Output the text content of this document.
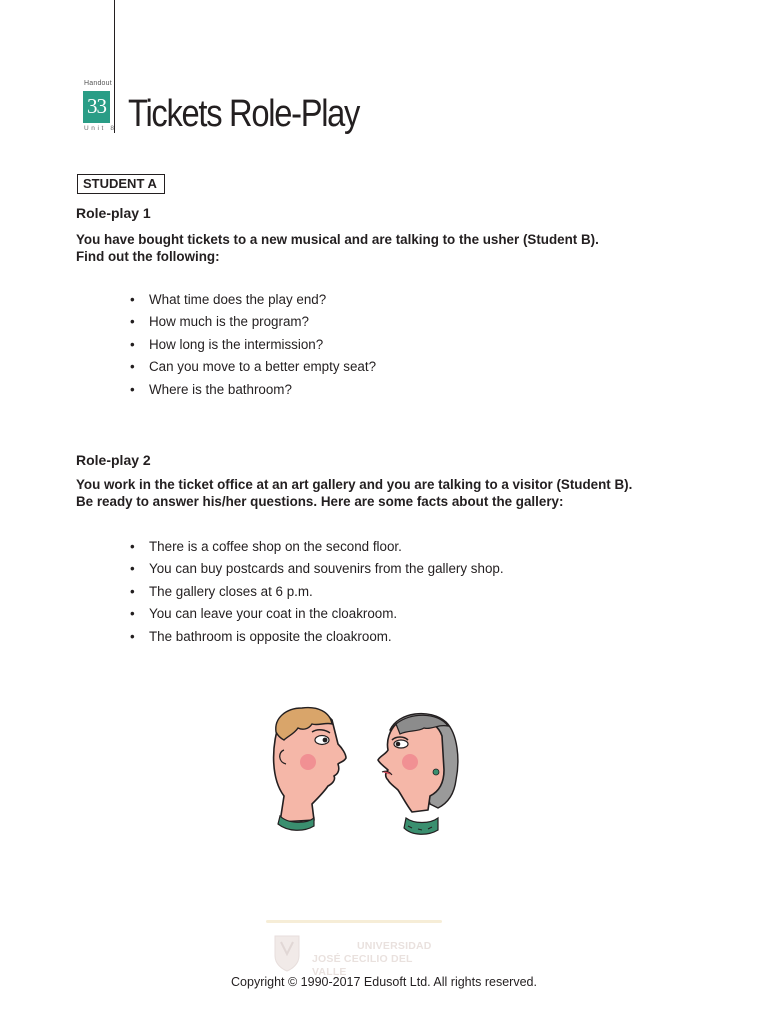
Handout
33
Unit 8 Tickets Role-Play
STUDENT A

Role-play 1

You have bought tickets to a new musical and are talking to the usher (Student B).
Find out the following:
• What time does the play end?
• How much is the program?
• How long is the intermission?
• Can you move to a better empty seat?
• Where is the bathroom?

Role-play 2

You work in the ticket office at an art gallery and you are talking to a visitor (Student B).
Be ready to answer his/her questions. Here are some facts about the gallery:
• There is a coffee shop on the second floor.
• You can buy postcards and souvenirs from the gallery shop.
• The gallery closes at 6 p.m.
• You can leave your coat in the cloakroom.
• The bathroom is opposite the cloakroom.
UNIVERSIDAD
JOSÉ CECILIO DEL VALLE
Copyright © 1990-2017 Edusoft Ltd. All rights reserved.
